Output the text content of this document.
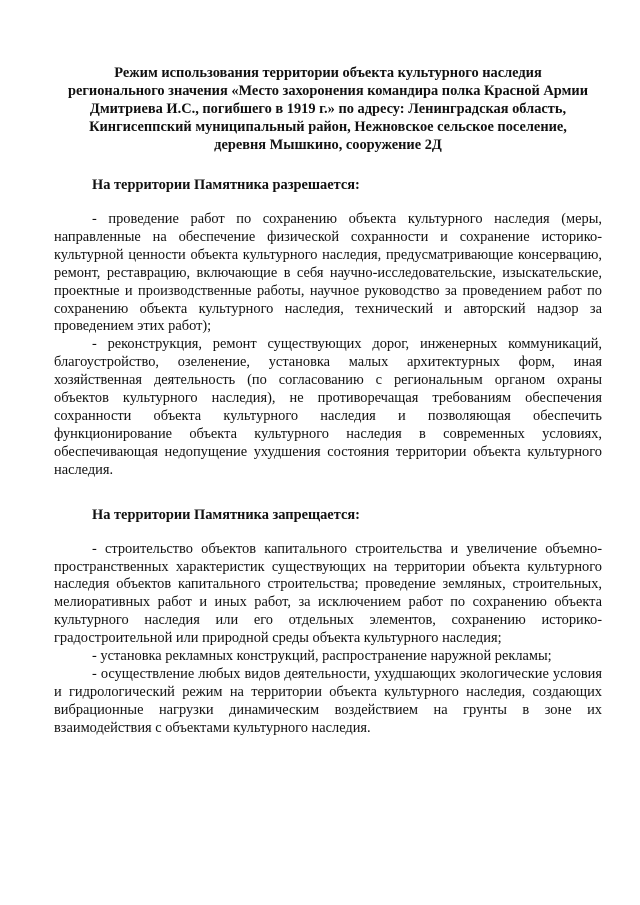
Режим использования территории объекта культурного наследия регионального значения «Место захоронения командира полка Красной Армии Дмитриева И.С., погибшего в 1919 г.» по адресу: Ленинградская область, Кингисеппский муниципальный район, Нежновское сельское поселение, деревня Мышкино, сооружение 2Д
На территории Памятника разрешается:
- проведение работ по сохранению объекта культурного наследия (меры, направленные на обеспечение физической сохранности и сохранение историко-культурной ценности объекта культурного наследия, предусматривающие консервацию, ремонт, реставрацию, включающие в себя научно-исследовательские, изыскательские, проектные и производственные работы, научное руководство за проведением работ по сохранению объекта культурного наследия, технический и авторский надзор за проведением этих работ);
- реконструкция, ремонт существующих дорог, инженерных коммуникаций, благоустройство, озеленение, установка малых архитектурных форм, иная хозяйственная деятельность (по согласованию с региональным органом охраны объектов культурного наследия), не противоречащая требованиям обеспечения сохранности объекта культурного наследия и позволяющая обеспечить функционирование объекта культурного наследия в современных условиях, обеспечивающая недопущение ухудшения состояния территории объекта культурного наследия.
На территории Памятника запрещается:
- строительство объектов капитального строительства и увеличение объемно-пространственных характеристик существующих на территории объекта культурного наследия объектов капитального строительства; проведение земляных, строительных, мелиоративных работ и иных работ, за исключением работ по сохранению объекта культурного наследия или его отдельных элементов, сохранению историко-градостроительной или природной среды объекта культурного наследия;
- установка рекламных конструкций, распространение наружной рекламы;
- осуществление любых видов деятельности, ухудшающих экологические условия и гидрологический режим на территории объекта культурного наследия, создающих вибрационные нагрузки динамическим воздействием на грунты в зоне их взаимодействия с объектами культурного наследия.
